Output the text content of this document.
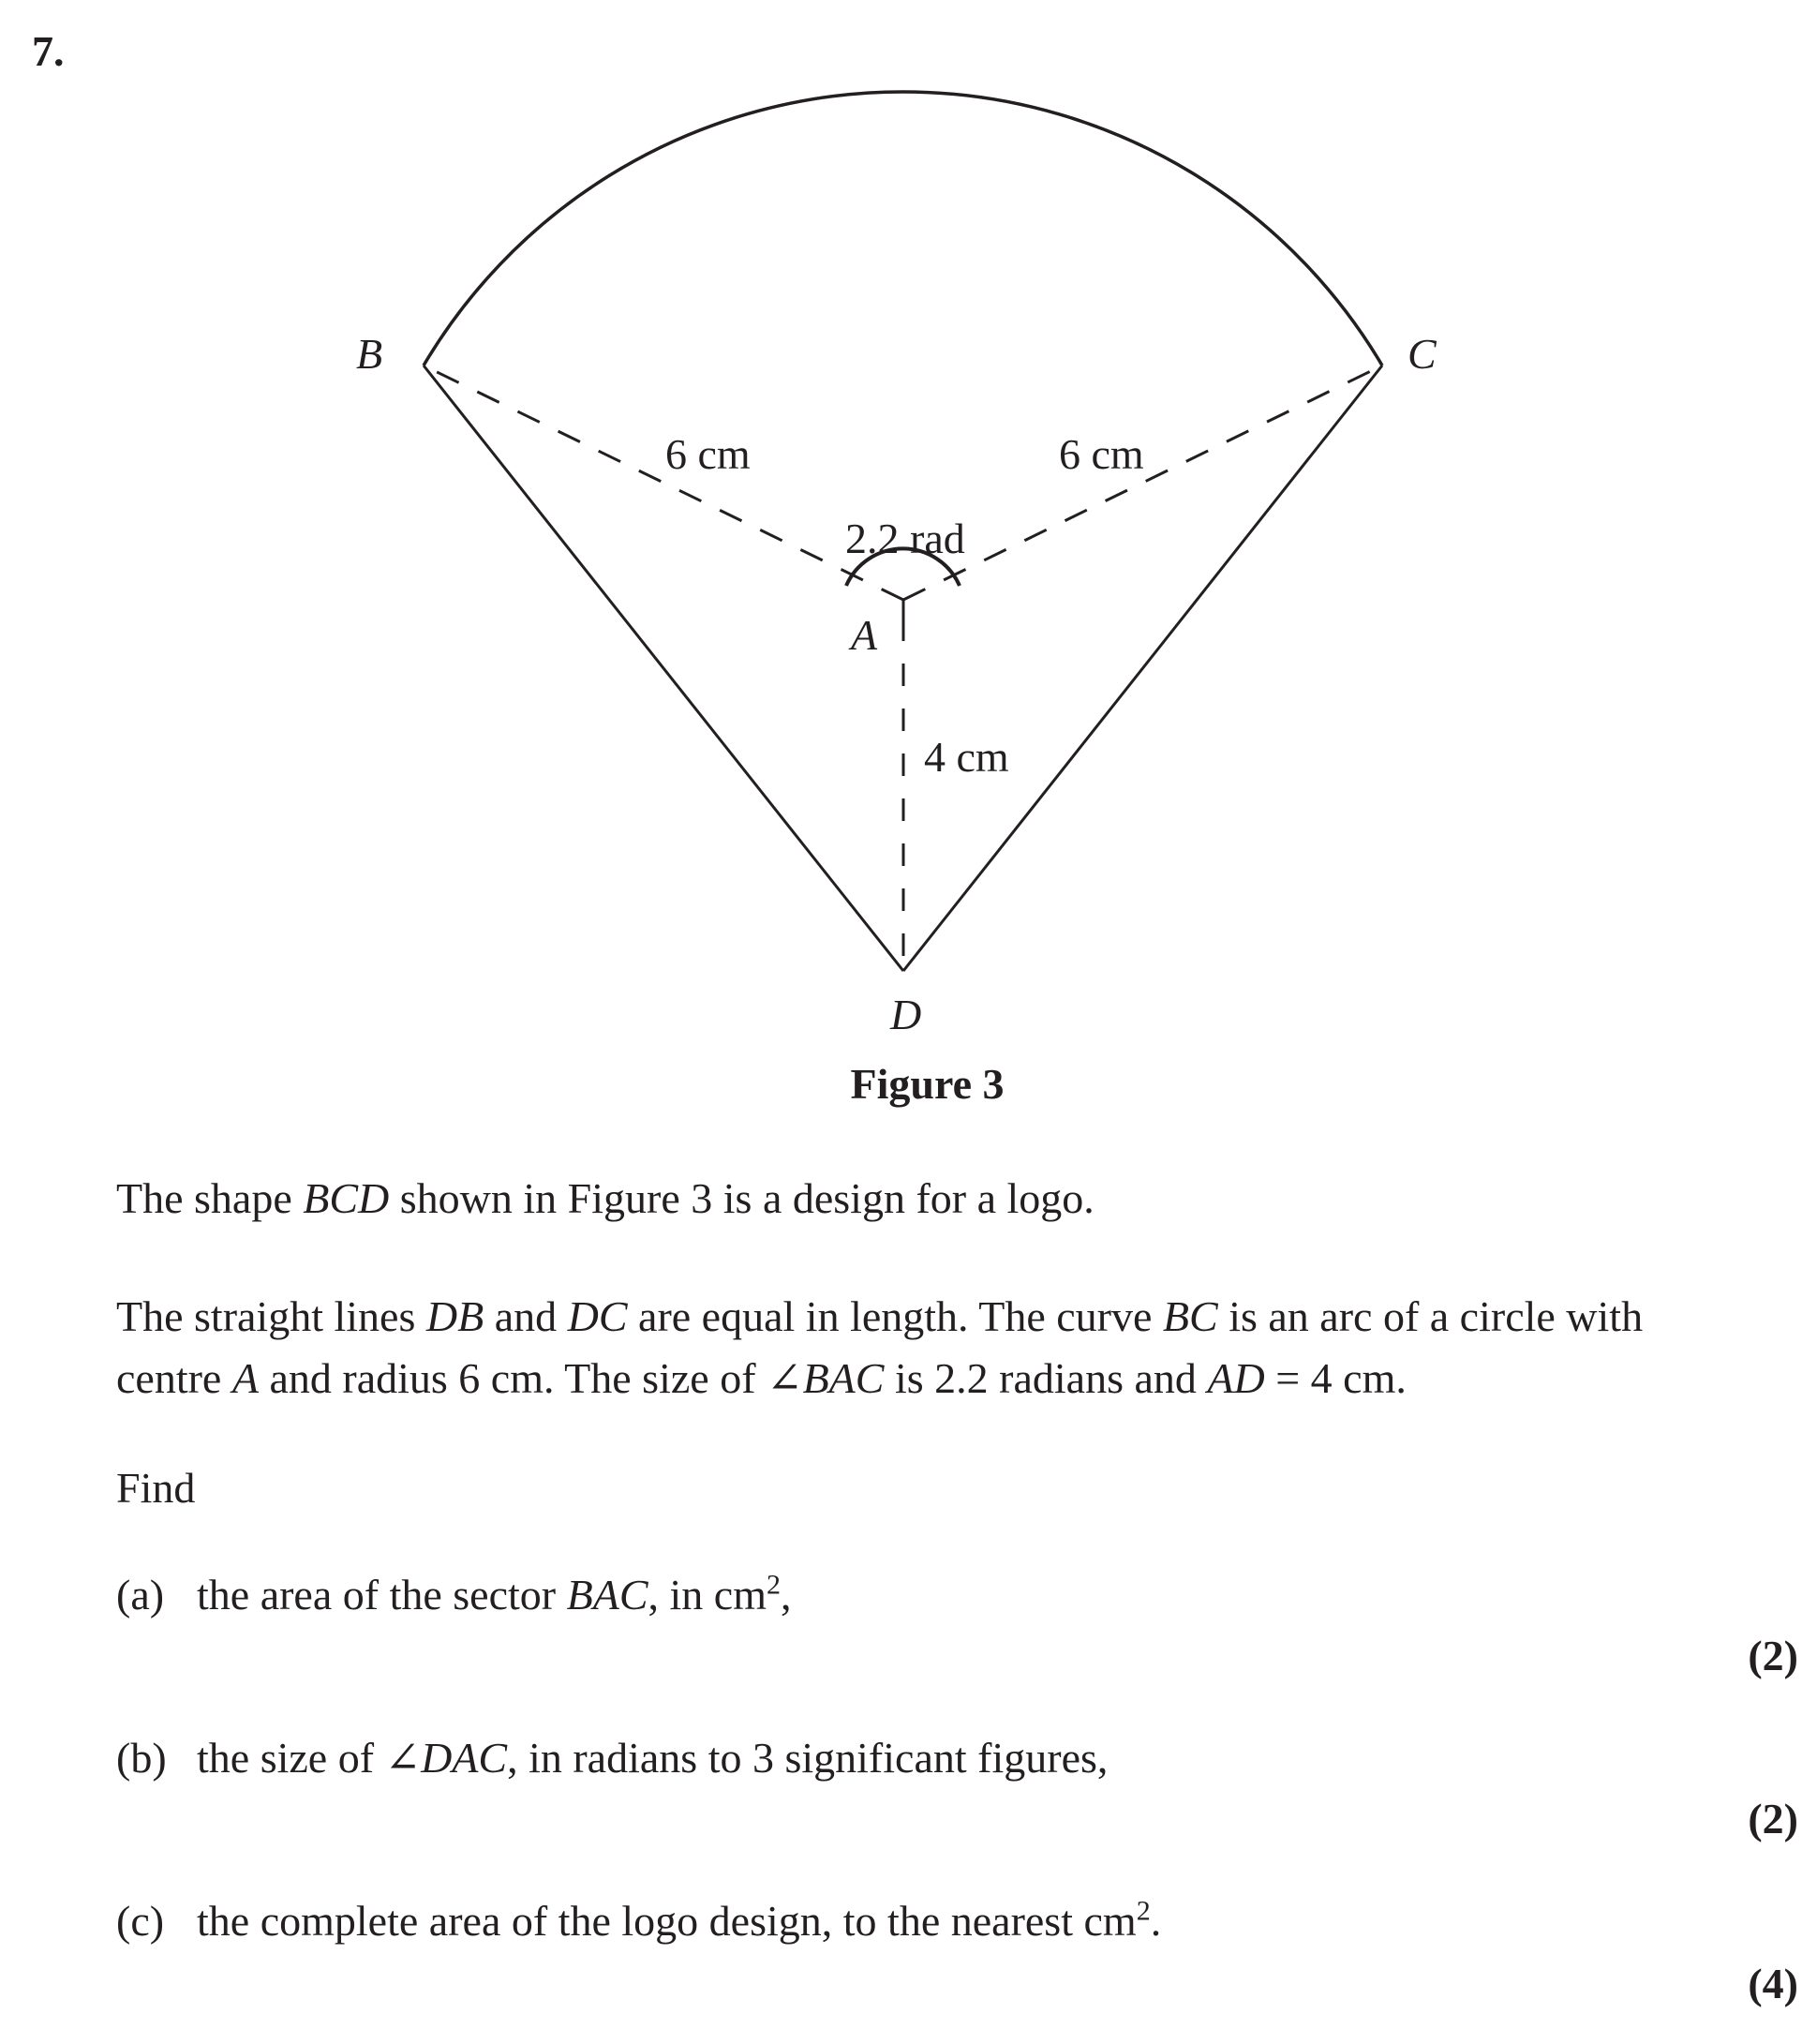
7.
B	C
A
D
6 cm	6 cm
2.2 rad
4 cm
Figure 3
The shape BCD shown in Figure 3 is a design for a logo.
The straight lines DB and DC are equal in length. The curve BC is an arc of a circle with
centre A and radius 6 cm. The size of ∠BAC is 2.2 radians and AD = 4 cm.
Find
(a) the area of the sector BAC, in $cm^2$,
(2)
(b) the size of ∠DAC, in radians to 3 significant figures,
(2)
(c) the complete area of the logo design, to the nearest $cm^2$.
(4)
